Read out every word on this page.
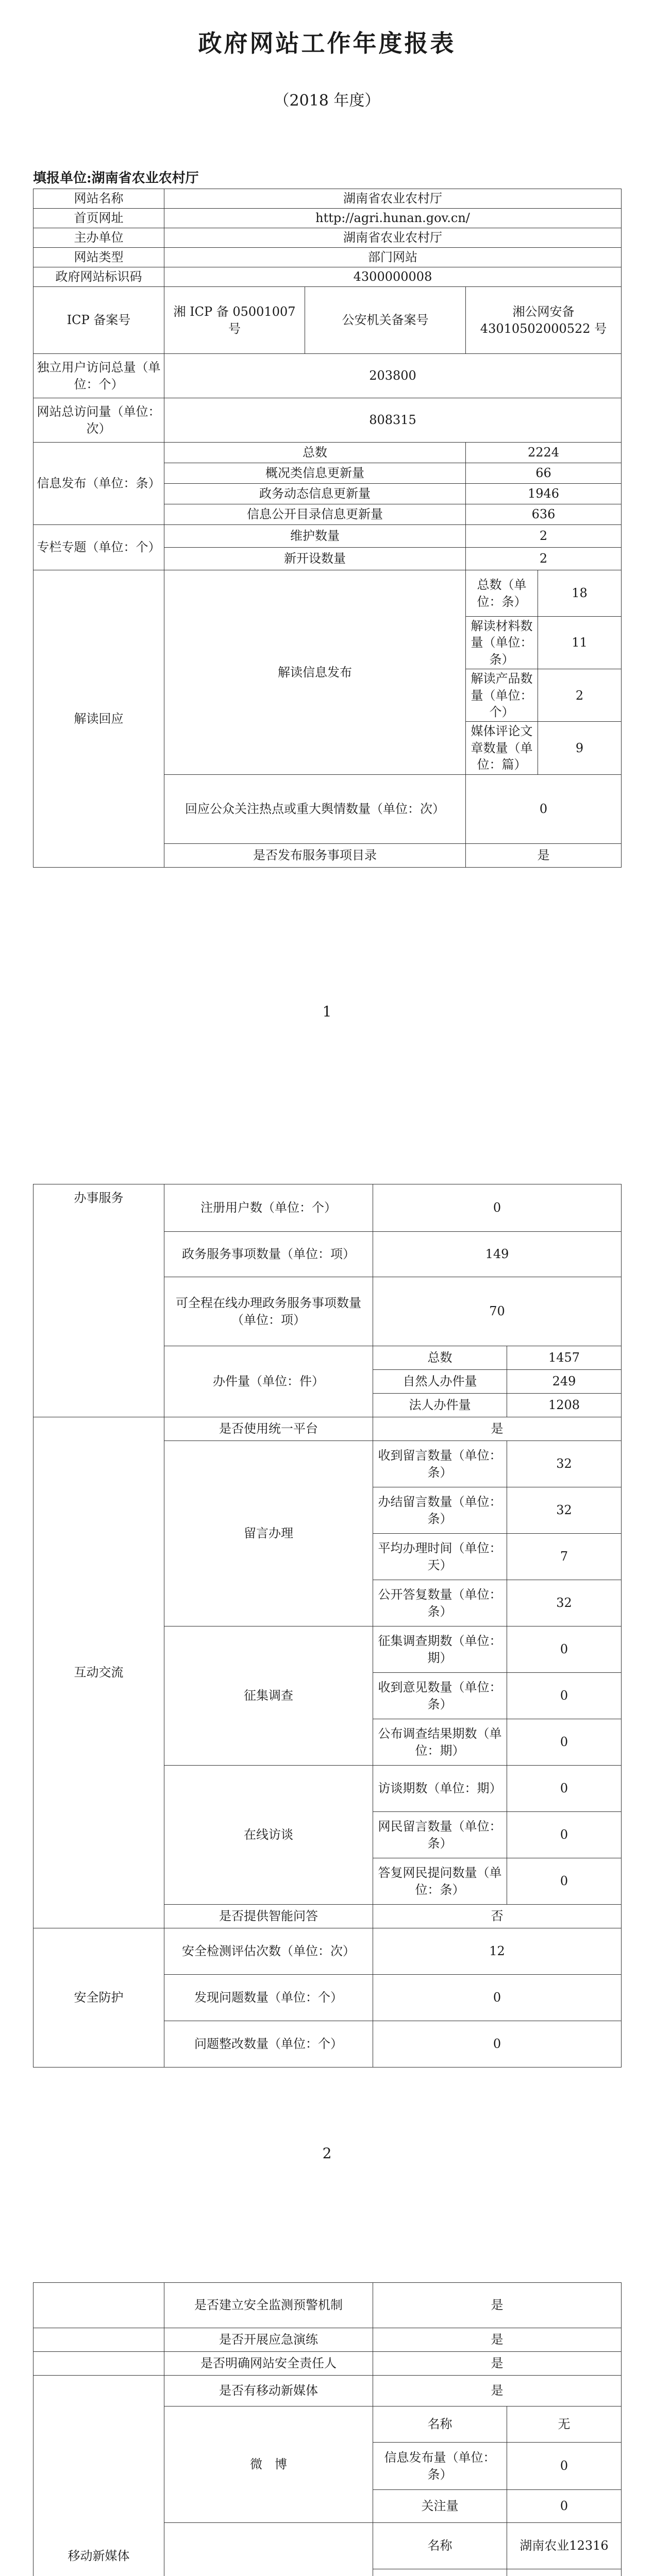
政府网站工作年度报表
（2018 年度）
填报单位:湖南省农业农村厅
网站名称	湖南省农业农村厅			
首页网址	http://agri.hunan.gov.cn/			
主办单位	湖南省农业农村厅			
网站类型	部门网站			
政府网站标识码	4300000008			
ICP 备案号	湘 ICP 备 05001007 号	公安机关备案号	湘公网安备43010502000522 号	
独立用户访问总量（单位：个）	203800			
网站总访问量（单位：次）	808315			
信息发布（单位：条）	总数		2224	
	概况类信息更新量		66	
	政务动态信息更新量		1946	
	信息公开目录信息更新量		636	
专栏专题（单位：个）	维护数量		2	
	新开设数量		2	
解读回应	解读信息发布		总数（单位：条）	18
			解读材料数量（单位：条）	11
			解读产品数量（单位：个）	2
			媒体评论文章数量（单位：篇）	9
	回应公众关注热点或重大舆情数量（单位：次）		0	
	是否发布服务事项目录		是	
1
办事服务	注册用户数（单位：个）	0	
	政务服务事项数量（单位：项）	149	
	可全程在线办理政务服务事项数量（单位：项）	70	
	办件量（单位：件）	总数	1457
		自然人办件量	249
		法人办件量	1208
互动交流	是否使用统一平台	是	
	留言办理	收到留言数量（单位：条）	32
		办结留言数量（单位：条）	32
		平均办理时间（单位：天）	7
		公开答复数量（单位：条）	32
	征集调查	征集调查期数（单位：期）	0
		收到意见数量（单位：条）	0
		公布调查结果期数（单位：期）	0
	在线访谈	访谈期数（单位：期）	0
		网民留言数量（单位：条）	0
		答复网民提问数量（单位：条）	0
	是否提供智能问答	否	
安全防护	安全检测评估次数（单位：次）	12	
	发现问题数量（单位：个）	0	
	问题整改数量（单位：个）	0	
2
	是否建立安全监测预警机制	是	
	是否开展应急演练	是	
	是否明确网站安全责任人	是	
移动新媒体	是否有移动新媒体	是	
	微　博	名称	无
		信息发布量（单位：条）	0
		关注量	0
	名称	湖南农业12316
